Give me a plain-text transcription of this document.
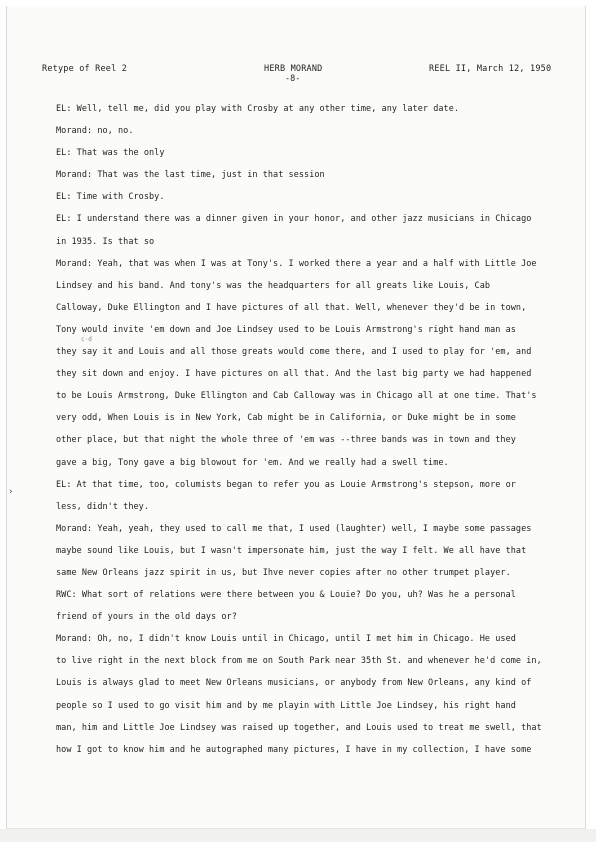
Retype of Reel 2	HERB MORAND	REEL II, March 12, 1950
-8-
EL: Well, tell me, did you play with Crosby at any other time, any later date.
Morand: no, no.
EL: That was the only
Morand: That was the last time, just in that session
EL: Time with Crosby.
EL: I understand there was a dinner given in your honor, and other jazz musicians in Chicago
in 1935. Is that so
Morand: Yeah, that was when I was at Tony's. I worked there a year and a half with Little Joe
Lindsey and his band. And tony's was the headquarters for all greats like Louis, Cab
Calloway, Duke Ellington and I have pictures of all that. Well, whenever they'd be in town,
Tony would invite 'em down and Joe Lindsey used to be Louis Armstrong's right hand man as
they say it and Louis and all those greats would come there, and I used to play for 'em, and
they sit down and enjoy. I have pictures on all that. And the last big party we had happened
to be Louis Armstrong, Duke Ellington and Cab Calloway was in Chicago all at one time. That's
very odd, When Louis is in New York, Cab might be in California, or Duke might be in some
other place, but that night the whole three of 'em was --three bands was in town and they
gave a big, Tony gave a big blowout for 'em. And we really had a swell time.
EL: At that time, too, columists began to refer you as Louie Armstrong's stepson, more or
less, didn't they.
Morand: Yeah, yeah, they used to call me that, I used (laughter) well, I maybe some passages
maybe sound like Louis, but I wasn't impersonate him, just the way I felt. We all have that
same New Orleans jazz spirit in us, but Ihve never copies after no other trumpet player.
RWC: What sort of relations were there between you & Louie? Do you, uh? Was he a personal
friend of yours in the old days or?
Morand: Oh, no, I didn't know Louis until in Chicago, until I met him in Chicago. He used
to live right in the next block from me on South Park near 35th St. and whenever he'd come in,
Louis is always glad to meet New Orleans musicians, or anybody from New Orleans, any kind of
people so I used to go visit him and by me playin with Little Joe Lindsey, his right hand
man, him and Little Joe Lindsey was raised up together, and Louis used to treat me swell, that
how I got to know him and he autographed many pictures, I have in my collection, I have some
›
c·d
